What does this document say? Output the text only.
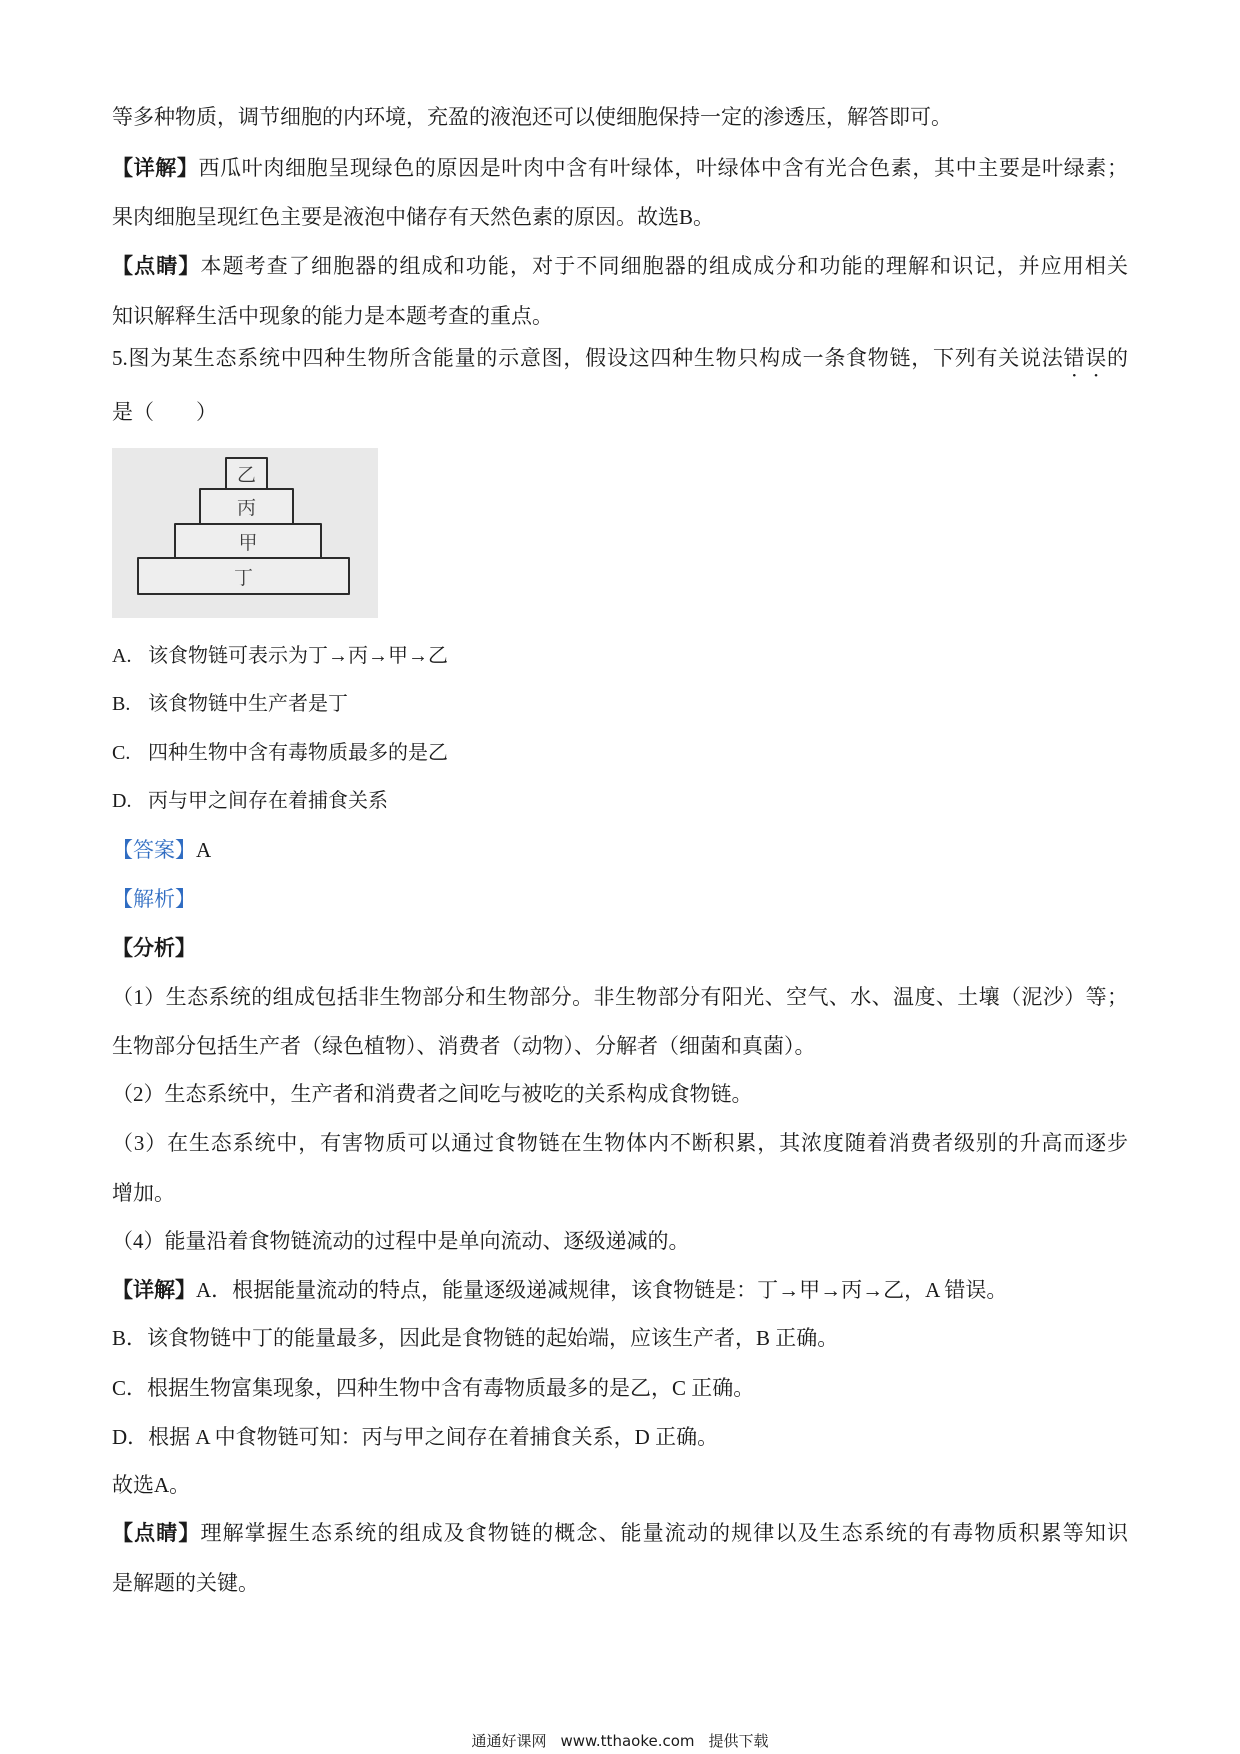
等多种物质，调节细胞的内环境，充盈的液泡还可以使细胞保持一定的渗透压，解答即可。
【详解】西瓜叶肉细胞呈现绿色的原因是叶肉中含有叶绿体，叶绿体中含有光合色素，其中主要是叶绿素；
果肉细胞呈现红色主要是液泡中储存有天然色素的原因。故选B。
【点睛】本题考查了细胞器的组成和功能，对于不同细胞器的组成成分和功能的理解和识记，并应用相关
知识解释生活中现象的能力是本题考查的重点。
5.图为某生态系统中四种生物所含能量的示意图，假设这四种生物只构成一条食物链，下列有关说法错误的
是（　　）
乙
丙
甲
丁
A. 该食物链可表示为丁→丙→甲→乙
B. 该食物链中生产者是丁
C. 四种生物中含有毒物质最多的是乙
D. 丙与甲之间存在着捕食关系
【答案】A
【解析】
【分析】
（1）生态系统的组成包括非生物部分和生物部分。非生物部分有阳光、空气、水、温度、土壤（泥沙）等；
生物部分包括生产者（绿色植物）、消费者（动物）、分解者（细菌和真菌）。
（2）生态系统中，生产者和消费者之间吃与被吃的关系构成食物链。
（3）在生态系统中，有害物质可以通过食物链在生物体内不断积累，其浓度随着消费者级别的升高而逐步
增加。
（4）能量沿着食物链流动的过程中是单向流动、逐级递减的。
【详解】A．根据能量流动的特点，能量逐级递减规律，该食物链是：丁→甲→丙→乙，A 错误。
B．该食物链中丁的能量最多，因此是食物链的起始端，应该生产者，B 正确。
C．根据生物富集现象，四种生物中含有毒物质最多的是乙，C 正确。
D．根据 A 中食物链可知：丙与甲之间存在着捕食关系，D 正确。
故选A。
【点睛】理解掌握生态系统的组成及食物链的概念、能量流动的规律以及生态系统的有毒物质积累等知识
是解题的关键。
通通好课网 www.tthaoke.com 提供下载
